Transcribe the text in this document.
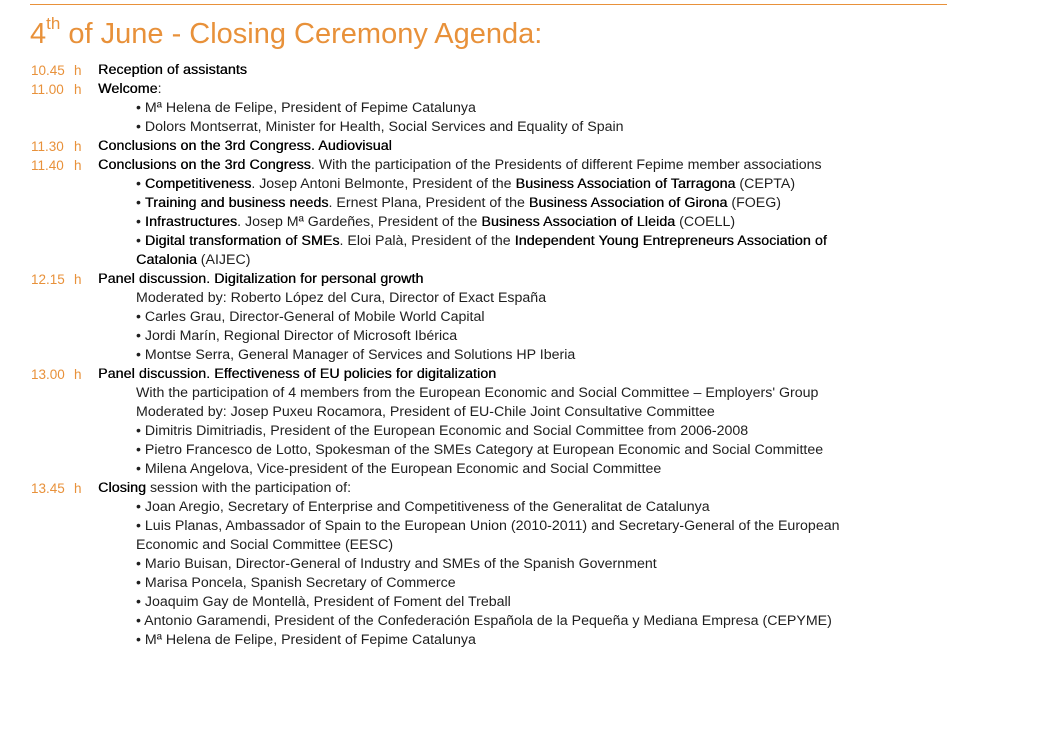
4th of June - Closing Ceremony Agenda:
10.45 h Reception of assistants
11.00 h Welcome:
• Mª Helena de Felipe, President of Fepime Catalunya
• Dolors Montserrat, Minister for Health, Social Services and Equality of Spain
11.30 h Conclusions on the 3rd Congress. Audiovisual
11.40 h Conclusions on the 3rd Congress. With the participation of the Presidents of different Fepime member associations
• Competitiveness. Josep Antoni Belmonte, President of the Business Association of Tarragona (CEPTA)
• Training and business needs. Ernest Plana, President of the Business Association of Girona (FOEG)
• Infrastructures. Josep Mª Gardeñes, President of the Business Association of Lleida (COELL)
• Digital transformation of SMEs. Eloi Palà, President of the Independent Young Entrepreneurs Association of
Catalonia (AIJEC)
12.15 h Panel discussion. Digitalization for personal growth
Moderated by: Roberto López del Cura, Director of Exact España
• Carles Grau, Director-General of Mobile World Capital
• Jordi Marín, Regional Director of Microsoft Ibérica
• Montse Serra, General Manager of Services and Solutions HP Iberia
13.00 h Panel discussion. Effectiveness of EU policies for digitalization
With the participation of 4 members from the European Economic and Social Committee – Employers' Group
Moderated by: Josep Puxeu Rocamora, President of EU-Chile Joint Consultative Committee
• Dimitris Dimitriadis, President of the European Economic and Social Committee from 2006-2008
• Pietro Francesco de Lotto, Spokesman of the SMEs Category at European Economic and Social Committee
• Milena Angelova, Vice-president of the European Economic and Social Committee
13.45 h Closing session with the participation of:
• Joan Aregio, Secretary of Enterprise and Competitiveness of the Generalitat de Catalunya
• Luis Planas, Ambassador of Spain to the European Union (2010-2011) and Secretary-General of the European
Economic and Social Committee (EESC)
• Mario Buisan, Director-General of Industry and SMEs of the Spanish Government
• Marisa Poncela, Spanish Secretary of Commerce
• Joaquim Gay de Montellà, President of Foment del Treball
• Antonio Garamendi, President of the Confederación Española de la Pequeña y Mediana Empresa (CEPYME)
• Mª Helena de Felipe, President of Fepime Catalunya
